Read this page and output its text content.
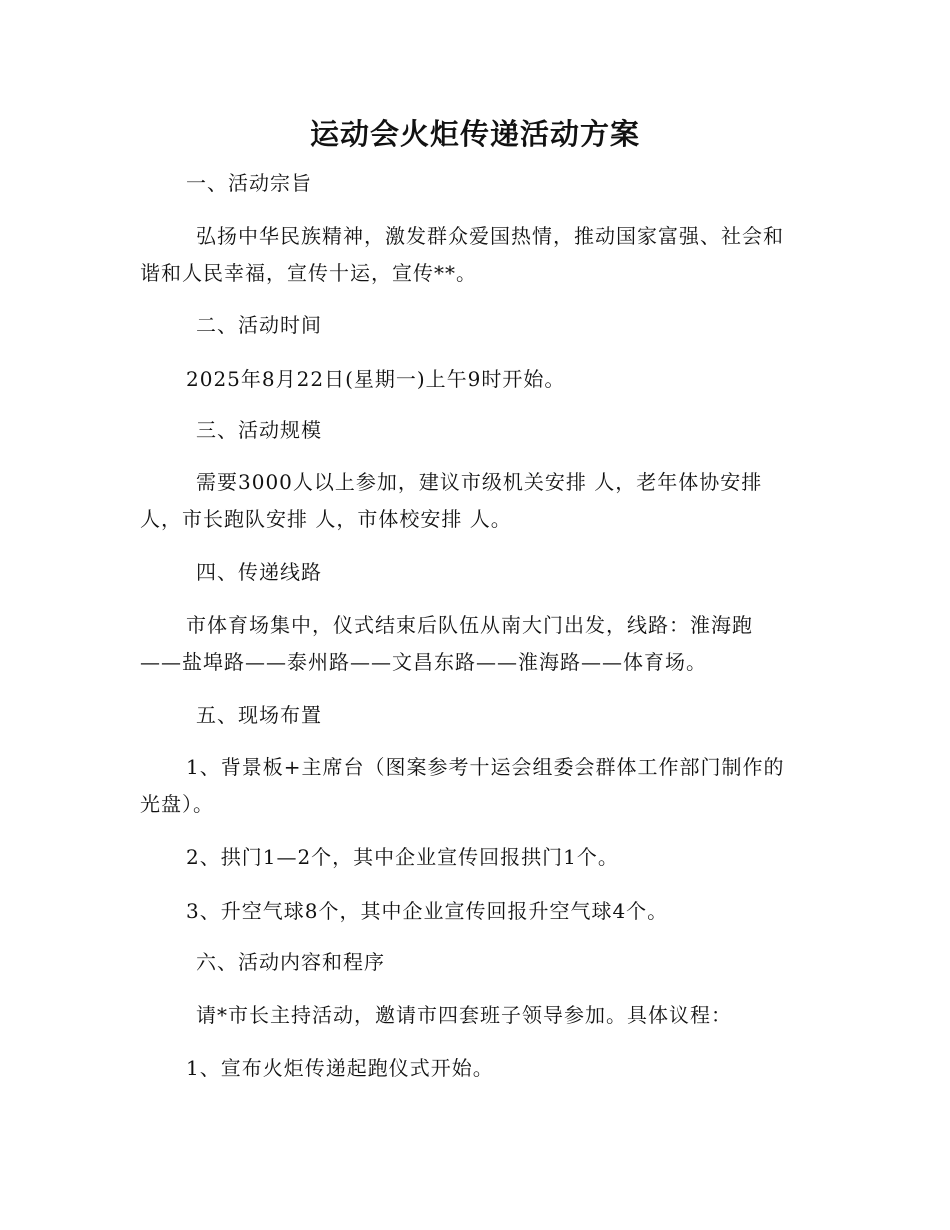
运动会火炬传递活动方案

一、活动宗旨

弘扬中华民族精神，激发群众爱国热情，推动国家富强、社会和

谐和人民幸福，宣传十运，宣传**。

二、活动时间

2025年8月22日(星期一)上午9时开始。

三、活动规模

需要3000人以上参加，建议市级机关安排 人，老年体协安排

人，市长跑队安排 人，市体校安排 人。

四、传递线路

市体育场集中，仪式结束后队伍从南大门出发，线路：淮海跑

——盐埠路——泰州路——文昌东路——淮海路——体育场。

五、现场布置

1、背景板+主席台（图案参考十运会组委会群体工作部门制作的

光盘）。

2、拱门1—2个，其中企业宣传回报拱门1个。

3、升空气球8个，其中企业宣传回报升空气球4个。

六、活动内容和程序

请*市长主持活动，邀请市四套班子领导参加。具体议程：

1、宣布火炬传递起跑仪式开始。
